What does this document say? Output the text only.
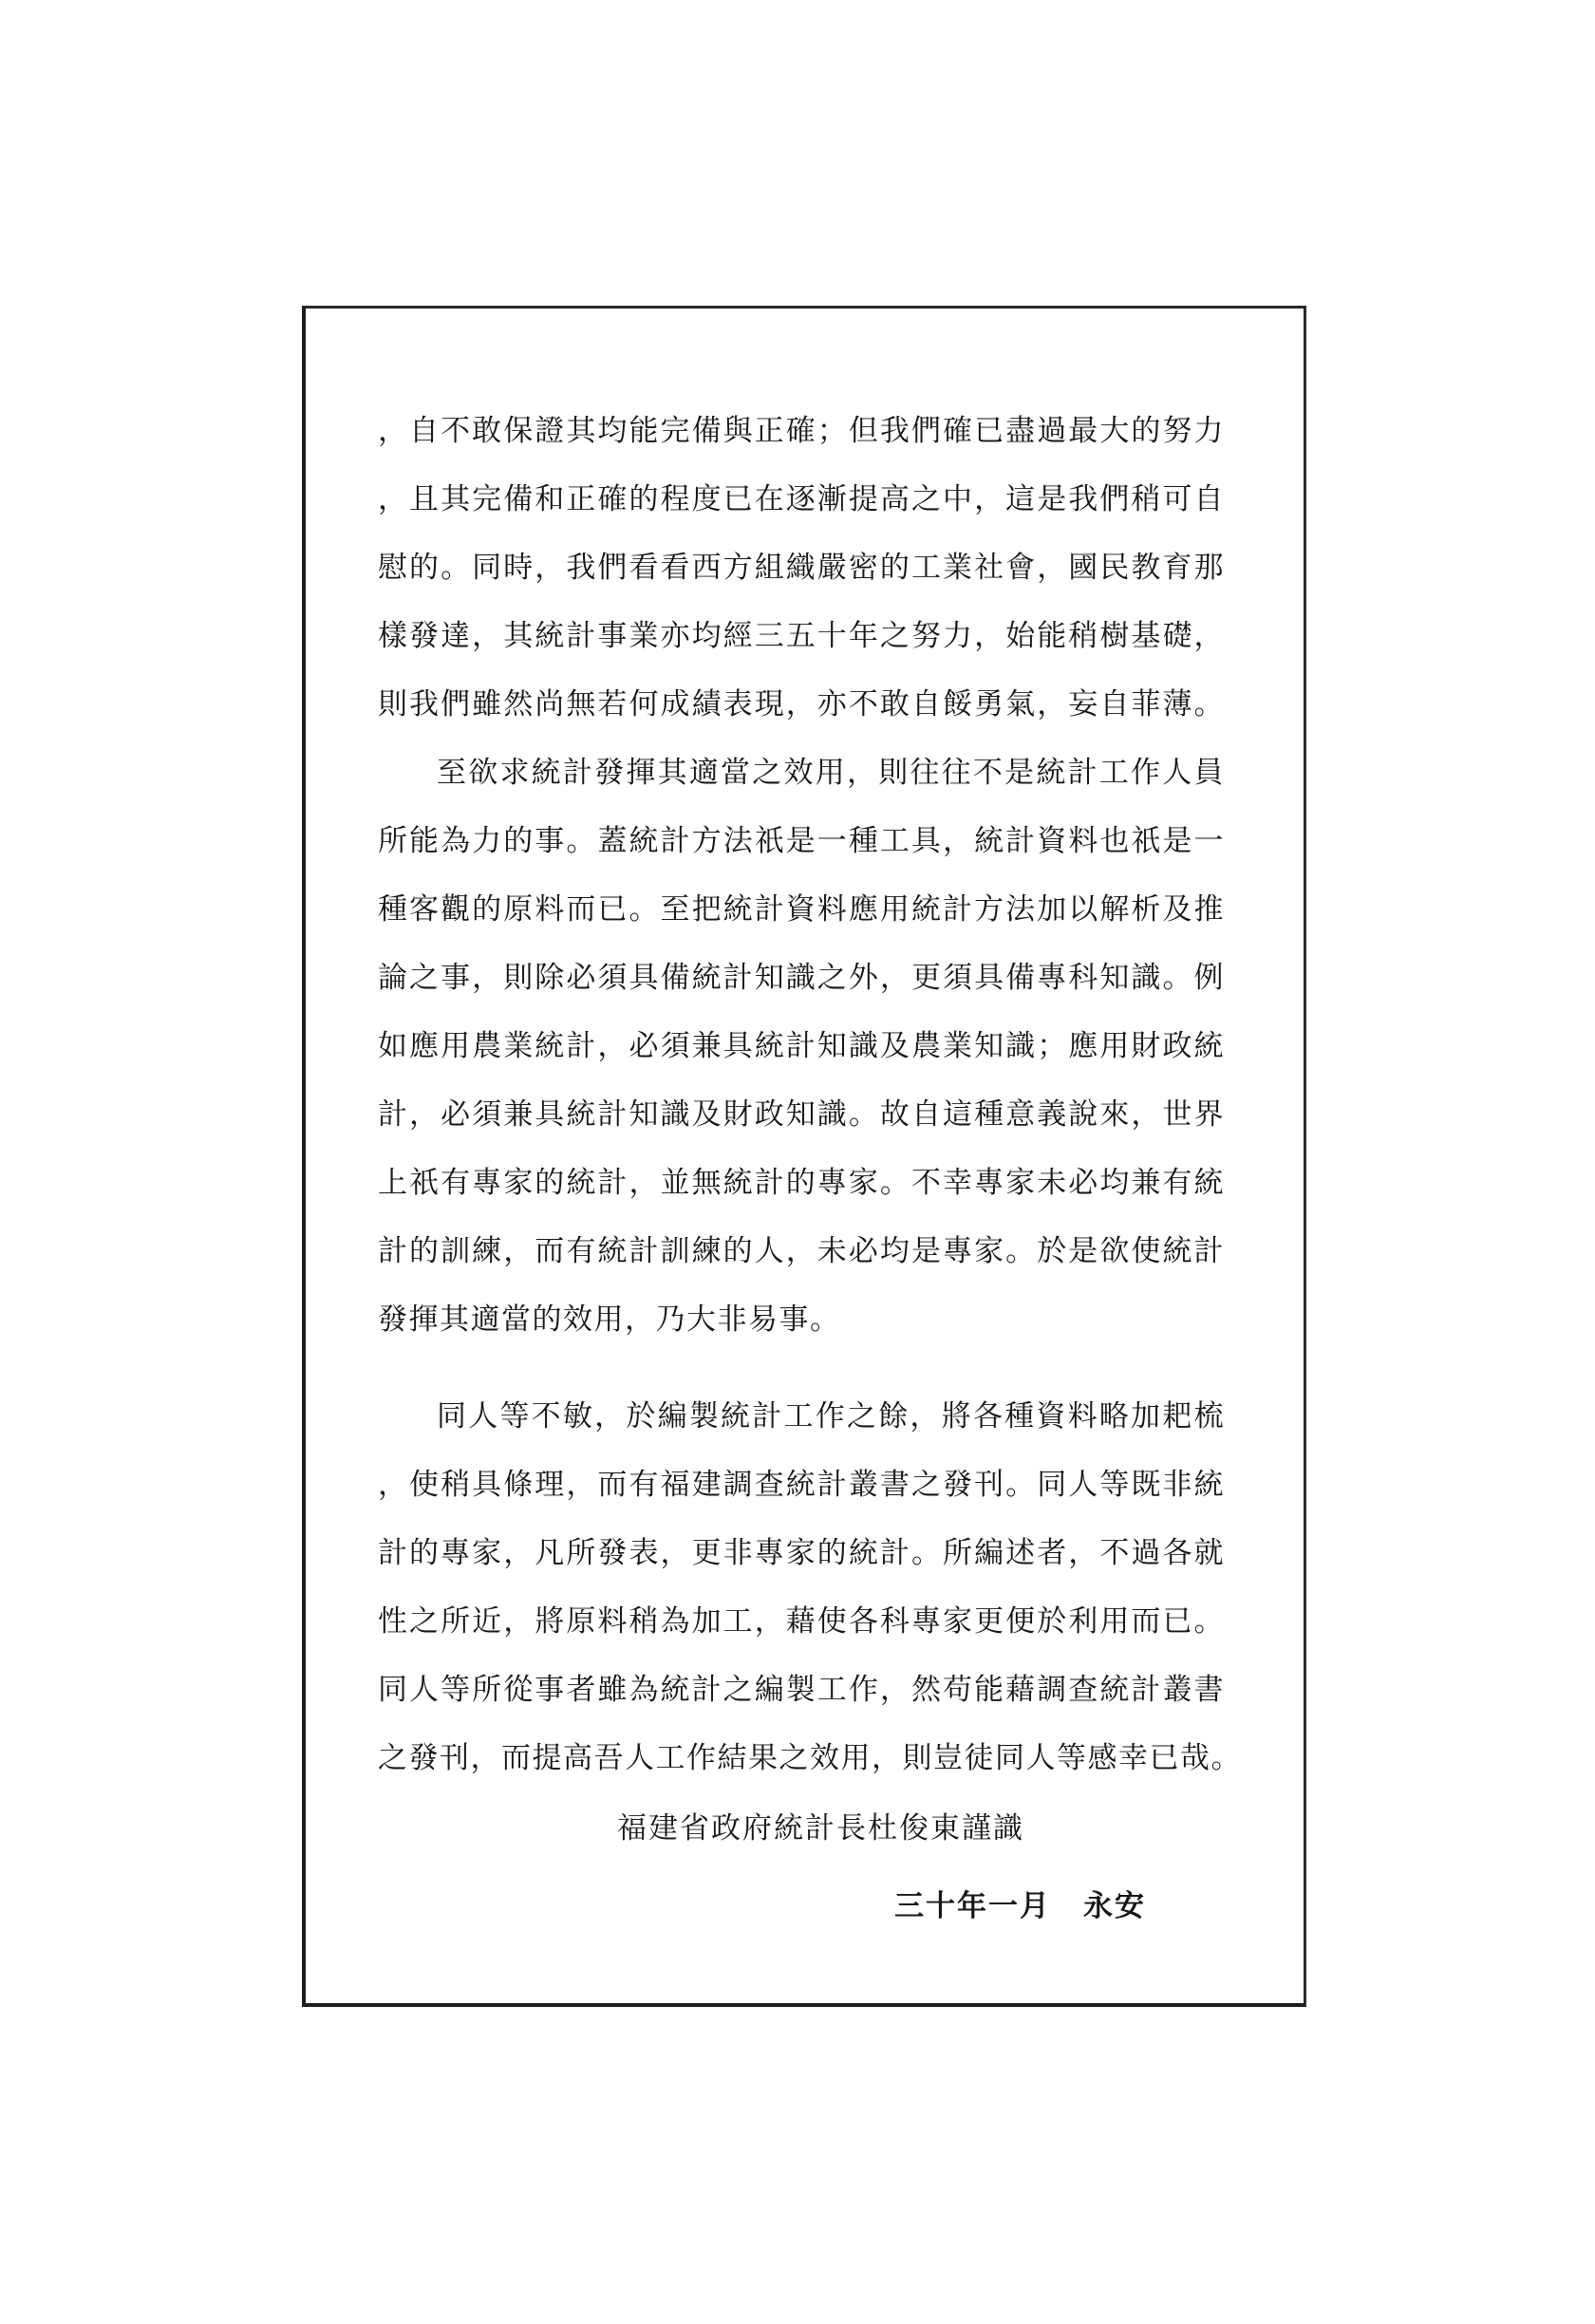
，自不敢保證其均能完備與正確；但我們確已盡過最大的努力
，且其完備和正確的程度已在逐漸提高之中，這是我們稍可自
慰的。同時，我們看看西方組織嚴密的工業社會，國民教育那
樣發達，其統計事業亦均經三五十年之努力，始能稍樹基礎，
則我們雖然尚無若何成績表現，亦不敢自餒勇氣，妄自菲薄。
至欲求統計發揮其適當之效用，則往往不是統計工作人員
所能為力的事。蓋統計方法祇是一種工具，統計資料也祇是一
種客觀的原料而已。至把統計資料應用統計方法加以解析及推
論之事，則除必須具備統計知識之外，更須具備專科知識。例
如應用農業統計，必須兼具統計知識及農業知識；應用財政統
計，必須兼具統計知識及財政知識。故自這種意義說來，世界
上祇有專家的統計，並無統計的專家。不幸專家未必均兼有統
計的訓練，而有統計訓練的人，未必均是專家。於是欲使統計
發揮其適當的效用，乃大非易事。
同人等不敏，於編製統計工作之餘，將各種資料略加耙梳
，使稍具條理，而有福建調查統計叢書之發刊。同人等既非統
計的專家，凡所發表，更非專家的統計。所編述者，不過各就
性之所近，將原料稍為加工，藉使各科專家更便於利用而已。
同人等所從事者雖為統計之編製工作，然苟能藉調查統計叢書
之發刊，而提高吾人工作結果之效用，則豈徒同人等感幸已哉。
福建省政府統計長杜俊東謹識
三十年一月 永安
